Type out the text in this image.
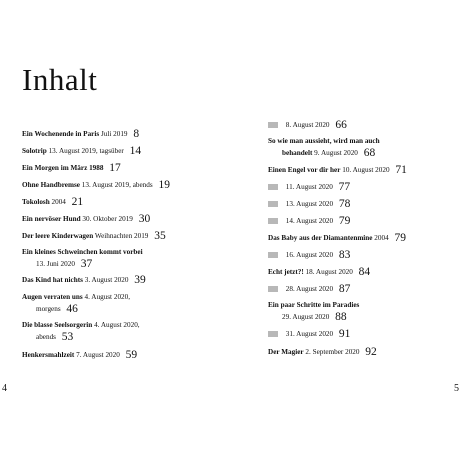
Inhalt
Ein Wochenende in Paris Juli 2019 8
Solotrip 13. August 2019, tagsüber 14
Ein Morgen im März 1988 17
Ohne Handbremse 13. August 2019, abends 19
Tokolosh 2004 21
Ein nervöser Hund 30. Oktober 2019 30
Der leere Kinderwagen Weihnachten 2019 35
Ein kleines Schweinchen kommt vorbei
13. Juni 2020 37
Das Kind hat nichts 3. August 2020 39
Augen verraten uns 4. August 2020,
morgens 46
Die blasse Seelsorgerin 4. August 2020,
abends 53
Henkersmahlzeit 7. August 2020 59
8. August 2020 66
So wie man aussieht, wird man auch
behandelt 9. August 2020 68
Einen Engel vor dir her 10. August 2020 71
11. August 2020 77
13. August 2020 78
14. August 2020 79
Das Baby aus der Diamantenmine 2004 79
16. August 2020 83
Echt jetzt?! 18. August 2020 84
28. August 2020 87
Ein paar Schritte im Paradies
29. August 2020 88
31. August 2020 91
Der Magier 2. September 2020 92
4	5
